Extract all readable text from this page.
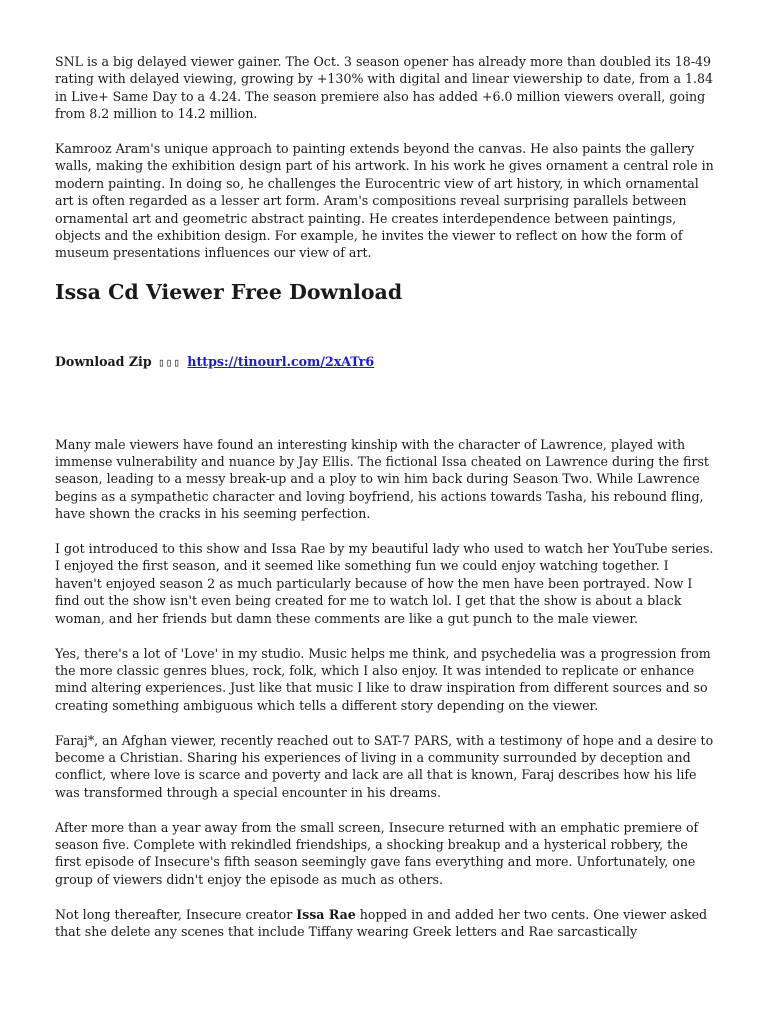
SNL is a big delayed viewer gainer. The Oct. 3 season opener has already more than doubled its 18-49 rating with delayed viewing, growing by +130% with digital and linear viewership to date, from a 1.84 in Live+ Same Day to a 4.24. The season premiere also has added +6.0 million viewers overall, going from 8.2 million to 14.2 million.

Kamrooz Aram's unique approach to painting extends beyond the canvas. He also paints the gallery walls, making the exhibition design part of his artwork. In his work he gives ornament a central role in modern painting. In doing so, he challenges the Eurocentric view of art history, in which ornamental art is often regarded as a lesser art form. Aram's compositions reveal surprising parallels between ornamental art and geometric abstract painting. He creates interdependence between paintings, objects and the exhibition design. For example, he invites the viewer to reflect on how the form of museum presentations influences our view of art.

Issa Cd Viewer Free Download

Download Zip ▯▯▯ https://tinourl.com/2xATr6

Many male viewers have found an interesting kinship with the character of Lawrence, played with immense vulnerability and nuance by Jay Ellis. The fictional Issa cheated on Lawrence during the first season, leading to a messy break-up and a ploy to win him back during Season Two. While Lawrence begins as a sympathetic character and loving boyfriend, his actions towards Tasha, his rebound fling, have shown the cracks in his seeming perfection.

I got introduced to this show and Issa Rae by my beautiful lady who used to watch her YouTube series. I enjoyed the first season, and it seemed like something fun we could enjoy watching together. I haven't enjoyed season 2 as much particularly because of how the men have been portrayed. Now I find out the show isn't even being created for me to watch lol. I get that the show is about a black woman, and her friends but damn these comments are like a gut punch to the male viewer.

Yes, there's a lot of 'Love' in my studio. Music helps me think, and psychedelia was a progression from the more classic genres blues, rock, folk, which I also enjoy. It was intended to replicate or enhance mind altering experiences. Just like that music I like to draw inspiration from different sources and so creating something ambiguous which tells a different story depending on the viewer.

Faraj*, an Afghan viewer, recently reached out to SAT-7 PARS, with a testimony of hope and a desire to become a Christian. Sharing his experiences of living in a community surrounded by deception and conflict, where love is scarce and poverty and lack are all that is known, Faraj describes how his life was transformed through a special encounter in his dreams.

After more than a year away from the small screen, Insecure returned with an emphatic premiere of season five. Complete with rekindled friendships, a shocking breakup and a hysterical robbery, the first episode of Insecure's fifth season seemingly gave fans everything and more. Unfortunately, one group of viewers didn't enjoy the episode as much as others.

Not long thereafter, Insecure creator Issa Rae hopped in and added her two cents. One viewer asked that she delete any scenes that include Tiffany wearing Greek letters and Rae sarcastically
